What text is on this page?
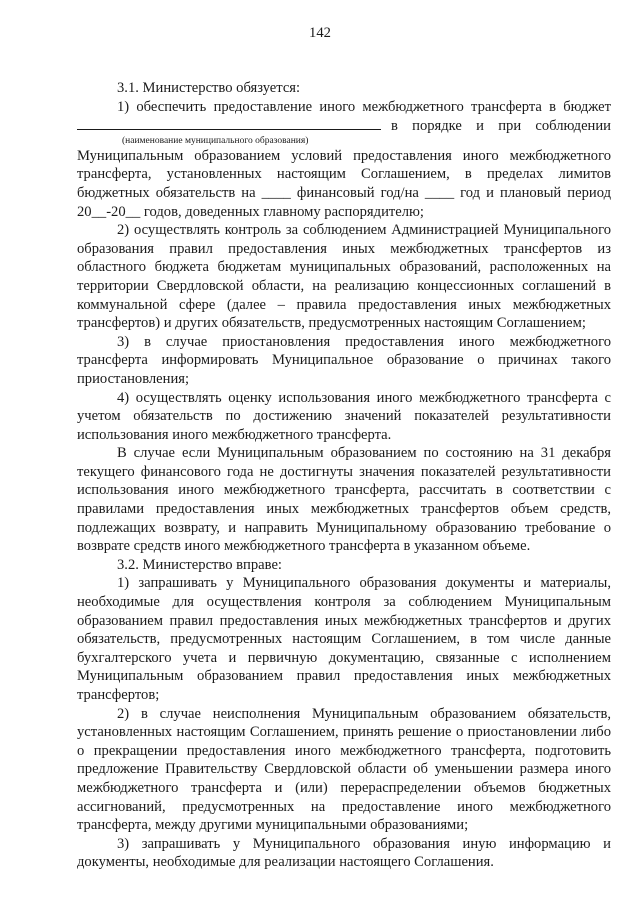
142

3.1. Министерство обязуется:

1) обеспечить предоставление иного межбюджетного трансферта в бюджет

в порядке и при соблюдении

(наименование муниципального образования)

Муниципальным образованием условий предоставления иного межбюджетного трансферта, установленных настоящим Соглашением, в пределах лимитов бюджетных обязательств на ____ финансовый год/на ____ год и плановый период 20__-20__ годов, доведенных главному распорядителю;

2) осуществлять контроль за соблюдением Администрацией Муниципального образования правил предоставления иных межбюджетных трансфертов из областного бюджета бюджетам муниципальных образований, расположенных на территории Свердловской области, на реализацию концессионных соглашений в коммунальной сфере (далее – правила предоставления иных межбюджетных трансфертов) и других обязательств, предусмотренных настоящим Соглашением;

3) в случае приостановления предоставления иного межбюджетного трансферта информировать Муниципальное образование о причинах такого приостановления;

4) осуществлять оценку использования иного межбюджетного трансферта с учетом обязательств по достижению значений показателей результативности использования иного межбюджетного трансферта.

В случае если Муниципальным образованием по состоянию на 31 декабря текущего финансового года не достигнуты значения показателей результативности использования иного межбюджетного трансферта, рассчитать в соответствии с правилами предоставления иных межбюджетных трансфертов объем средств, подлежащих возврату, и направить Муниципальному образованию требование о возврате средств иного межбюджетного трансферта в указанном объеме.

3.2. Министерство вправе:

1) запрашивать у Муниципального образования документы и материалы, необходимые для осуществления контроля за соблюдением Муниципальным образованием правил предоставления иных межбюджетных трансфертов и других обязательств, предусмотренных настоящим Соглашением, в том числе данные бухгалтерского учета и первичную документацию, связанные с исполнением Муниципальным образованием правил предоставления иных межбюджетных трансфертов;

2) в случае неисполнения Муниципальным образованием обязательств, установленных настоящим Соглашением, принять решение о приостановлении либо о прекращении предоставления иного межбюджетного трансферта, подготовить предложение Правительству Свердловской области об уменьшении размера иного межбюджетного трансферта и (или) перераспределении объемов бюджетных ассигнований, предусмотренных на предоставление иного межбюджетного трансферта, между другими муниципальными образованиями;

3) запрашивать у Муниципального образования иную информацию и документы, необходимые для реализации настоящего Соглашения.
